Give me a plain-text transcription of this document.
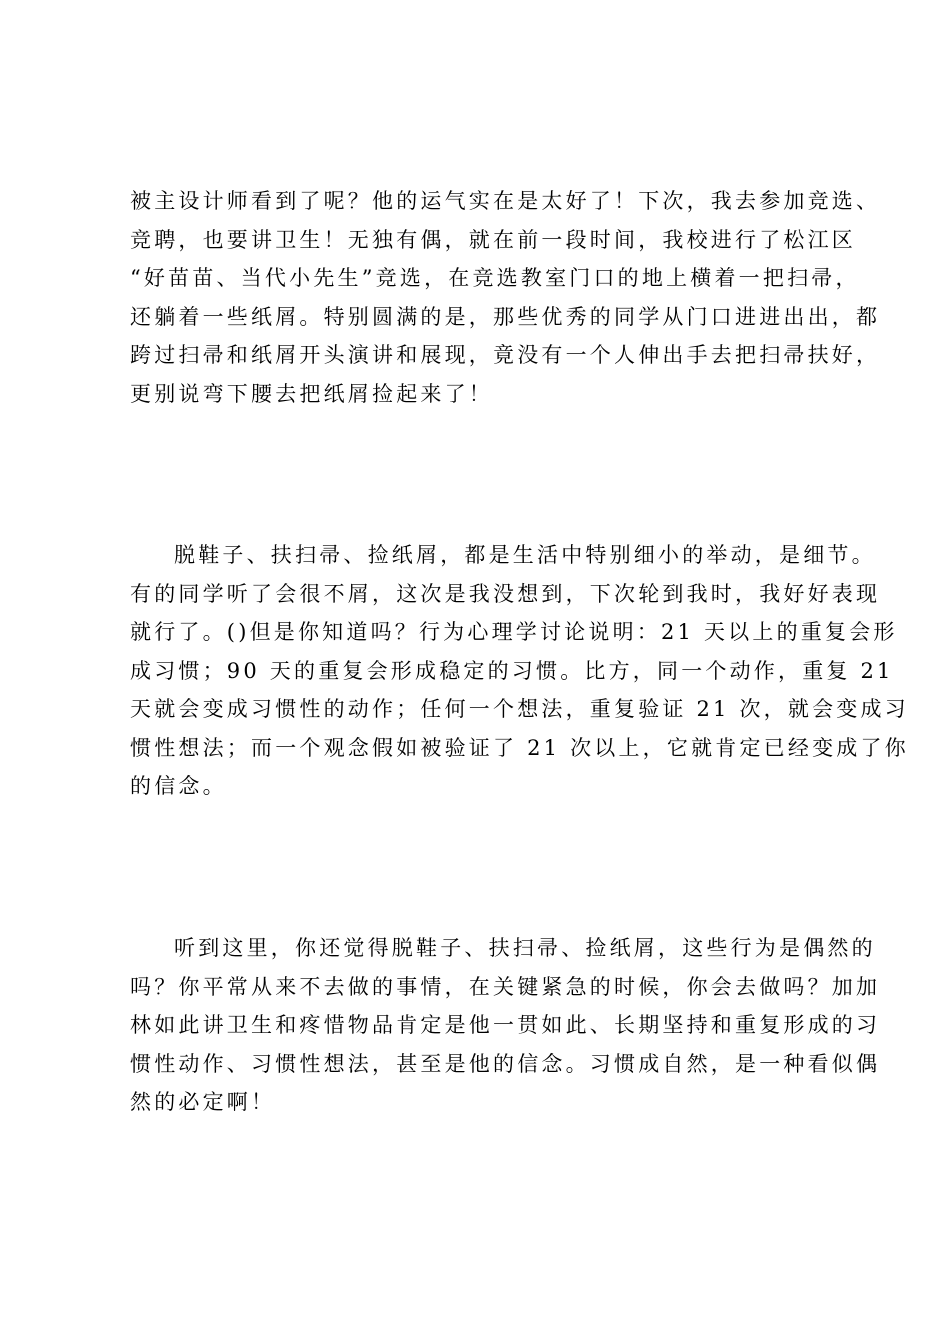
被主设计师看到了呢？他的运气实在是太好了！下次，我去参加竞选、
竞聘，也要讲卫生！无独有偶，就在前一段时间，我校进行了松江区
“好苗苗、当代小先生”竞选，在竞选教室门口的地上横着一把扫帚，
还躺着一些纸屑。特别圆满的是，那些优秀的同学从门口进进出出，都
跨过扫帚和纸屑开头演讲和展现，竟没有一个人伸出手去把扫帚扶好，
更别说弯下腰去把纸屑捡起来了！
脱鞋子、扶扫帚、捡纸屑，都是生活中特别细小的举动，是细节。
有的同学听了会很不屑，这次是我没想到，下次轮到我时，我好好表现
就行了。()但是你知道吗？行为心理学讨论说明：21 天以上的重复会形
成习惯；90 天的重复会形成稳定的习惯。比方，同一个动作，重复 21
天就会变成习惯性的动作；任何一个想法，重复验证 21 次，就会变成习
惯性想法；而一个观念假如被验证了 21 次以上，它就肯定已经变成了你
的信念。
听到这里，你还觉得脱鞋子、扶扫帚、捡纸屑，这些行为是偶然的
吗？你平常从来不去做的事情，在关键紧急的时候，你会去做吗？加加
林如此讲卫生和疼惜物品肯定是他一贯如此、长期坚持和重复形成的习
惯性动作、习惯性想法，甚至是他的信念。习惯成自然，是一种看似偶
然的必定啊！
